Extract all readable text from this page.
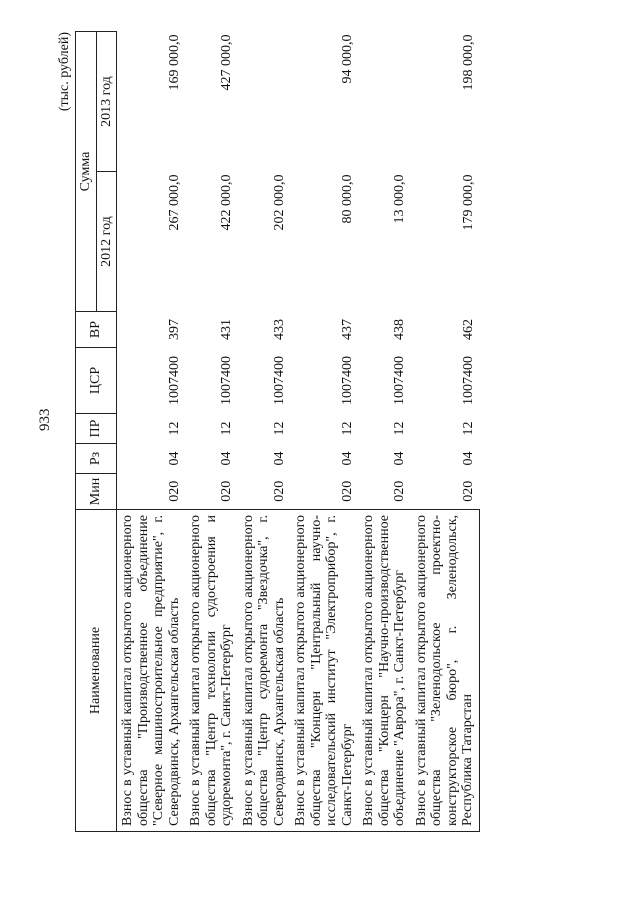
933
(тыс. рублей)
Наименование	Мин	Рз	ПР	ЦСР	ВР	Сумма	
						2012 год	2013 год
Взнос в уставный капитал открытого акционерного общества "Производственное объединение "Северное машиностроительное предприятие", г. Северодвинск, Архангельская область	020	04	12	1007400	397	267 000,0	169 000,0
Взнос в уставный капитал открытого акционерного общества "Центр технологии судостроения и судоремонта", г. Санкт-Петербург	020	04	12	1007400	431	422 000,0	427 000,0
Взнос в уставный капитал открытого акционерного общества "Центр судоремонта "Звездочка", г. Северодвинск, Архангельская область	020	04	12	1007400	433	202 000,0	
Взнос в уставный капитал открытого акционерного общества "Концерн "Центральный научно-исследовательский институт "Электроприбор", г. Санкт-Петербург	020	04	12	1007400	437	80 000,0	94 000,0
Взнос в уставный капитал открытого акционерного общества "Концерн "Научно-производственное объединение "Аврора", г. Санкт-Петербург	020	04	12	1007400	438	13 000,0	
Взнос в уставный капитал открытого акционерного общества "Зеленодольское проектно-конструкторское бюро", г. Зеленодольск, Республика Татарстан	020	04	12	1007400	462	179 000,0	198 000,0
